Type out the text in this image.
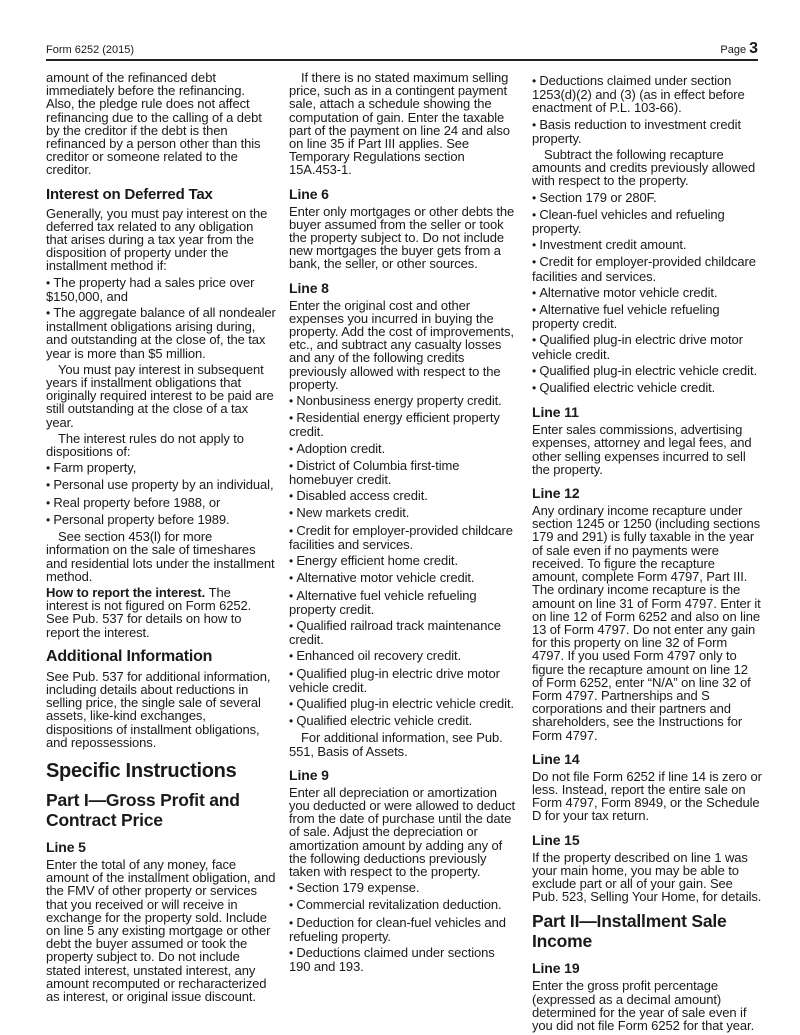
Form 6252 (2015)	Page 3

amount of the refinanced debt immediately before the refinancing. Also, the pledge rule does not affect refinancing due to the calling of a debt by the creditor if the debt is then refinanced by a person other than this creditor or someone related to the creditor.

Interest on Deferred Tax

Generally, you must pay interest on the deferred tax related to any obligation that arises during a tax year from the disposition of property under the installment method if:

• The property had a sales price over $150,000, and

• The aggregate balance of all nondealer installment obligations arising during, and outstanding at the close of, the tax year is more than $5 million.

You must pay interest in subsequent years if installment obligations that originally required interest to be paid are still outstanding at the close of a tax year.

The interest rules do not apply to dispositions of:

• Farm property,

• Personal use property by an individual,

• Real property before 1988, or

• Personal property before 1989.

See section 453(l) for more information on the sale of timeshares and residential lots under the installment method.

How to report the interest. The interest is not figured on Form 6252. See Pub. 537 for details on how to report the interest.

Additional Information

See Pub. 537 for additional information, including details about reductions in selling price, the single sale of several assets, like-kind exchanges, dispositions of installment obligations, and repossessions.

Specific Instructions
Part I—Gross Profit and Contract Price
Line 5

Enter the total of any money, face amount of the installment obligation, and the FMV of other property or services that you received or will receive in exchange for the property sold. Include on line 5 any existing mortgage or other debt the buyer assumed or took the property subject to. Do not include stated interest, unstated interest, any amount recomputed or recharacterized as interest, or original issue discount.

If there is no stated maximum selling price, such as in a contingent payment sale, attach a schedule showing the computation of gain. Enter the taxable part of the payment on line 24 and also on line 35 if Part III applies. See Temporary Regulations section 15A.453-1.

Line 6

Enter only mortgages or other debts the buyer assumed from the seller or took the property subject to. Do not include new mortgages the buyer gets from a bank, the seller, or other sources.

Line 8

Enter the original cost and other expenses you incurred in buying the property. Add the cost of improvements, etc., and subtract any casualty losses and any of the following credits previously allowed with respect to the property.

• Nonbusiness energy property credit.

• Residential energy efficient property credit.

• Adoption credit.

• District of Columbia first-time homebuyer credit.

• Disabled access credit.

• New markets credit.

• Credit for employer-provided childcare facilities and services.

• Energy efficient home credit.

• Alternative motor vehicle credit.

• Alternative fuel vehicle refueling property credit.

• Qualified railroad track maintenance credit.

• Enhanced oil recovery credit.

• Qualified plug-in electric drive motor vehicle credit.

• Qualified plug-in electric vehicle credit.

• Qualified electric vehicle credit.

For additional information, see Pub. 551, Basis of Assets.

Line 9

Enter all depreciation or amortization you deducted or were allowed to deduct from the date of purchase until the date of sale. Adjust the depreciation or amortization amount by adding any of the following deductions previously taken with respect to the property.

• Section 179 expense.

• Commercial revitalization deduction.

• Deduction for clean-fuel vehicles and refueling property.

• Deductions claimed under sections 190 and 193.

• Deductions claimed under section 1253(d)(2) and (3) (as in effect before enactment of P.L. 103-66).

• Basis reduction to investment credit property.

Subtract the following recapture amounts and credits previously allowed with respect to the property.

• Section 179 or 280F.

• Clean-fuel vehicles and refueling property.

• Investment credit amount.

• Credit for employer-provided childcare facilities and services.

• Alternative motor vehicle credit.

• Alternative fuel vehicle refueling property credit.

• Qualified plug-in electric drive motor vehicle credit.

• Qualified plug-in electric vehicle credit.

• Qualified electric vehicle credit.

Line 11

Enter sales commissions, advertising expenses, attorney and legal fees, and other selling expenses incurred to sell the property.

Line 12

Any ordinary income recapture under section 1245 or 1250 (including sections 179 and 291) is fully taxable in the year of sale even if no payments were received. To figure the recapture amount, complete Form 4797, Part III. The ordinary income recapture is the amount on line 31 of Form 4797. Enter it on line 12 of Form 6252 and also on line 13 of Form 4797. Do not enter any gain for this property on line 32 of Form 4797. If you used Form 4797 only to figure the recapture amount on line 12 of Form 6252, enter “N/A” on line 32 of Form 4797. Partnerships and S corporations and their partners and shareholders, see the Instructions for Form 4797.

Line 14

Do not file Form 6252 if line 14 is zero or less. Instead, report the entire sale on Form 4797, Form 8949, or the Schedule D for your tax return.

Line 15

If the property described on line 1 was your main home, you may be able to exclude part or all of your gain. See Pub. 523, Selling Your Home, for details.

Part II—Installment Sale Income
Line 19

Enter the gross profit percentage (expressed as a decimal amount) determined for the year of sale even if you did not file Form 6252 for that year.
